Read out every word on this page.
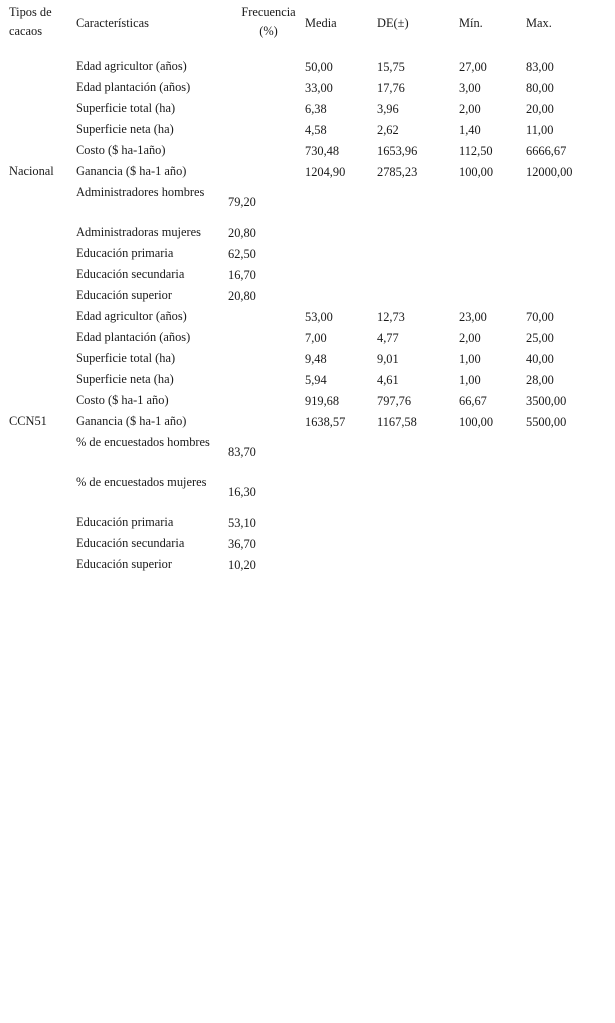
Tipos de cacaos	Características	Frecuencia (%)	Media	DE(±)	Mín.	Max.

Nacional	Edad agricultor (años)		50,00	15,75	27,00	83,00
	Edad plantación (años)		33,00	17,76	3,00	80,00
	Superficie total (ha)		6,38	3,96	2,00	20,00
	Superficie neta (ha)		4,58	2,62	1,40	11,00
	Costo ($ ha-1año)		730,48	1653,96	112,50	6666,67
	Ganancia ($ ha-1 año)		1204,90	2785,23	100,00	12000,00
	Administradores hombres	79,20				
	Administradoras mujeres	20,80				
	Educación primaria	62,50				
	Educación secundaria	16,70				
	Educación superior	20,80				

CCN51	Edad agricultor (años)		53,00	12,73	23,00	70,00
	Edad plantación (años)		7,00	4,77	2,00	25,00
	Superficie total (ha)		9,48	9,01	1,00	40,00
	Superficie neta (ha)		5,94	4,61	1,00	28,00
	Costo ($ ha-1 año)		919,68	797,76	66,67	3500,00
	Ganancia ($ ha-1 año)		1638,57	1167,58	100,00	5500,00
	% de encuestados hombres	83,70				
	% de encuestados mujeres	16,30				
	Educación primaria	53,10				
	Educación secundaria	36,70				
	Educación superior	10,20				
